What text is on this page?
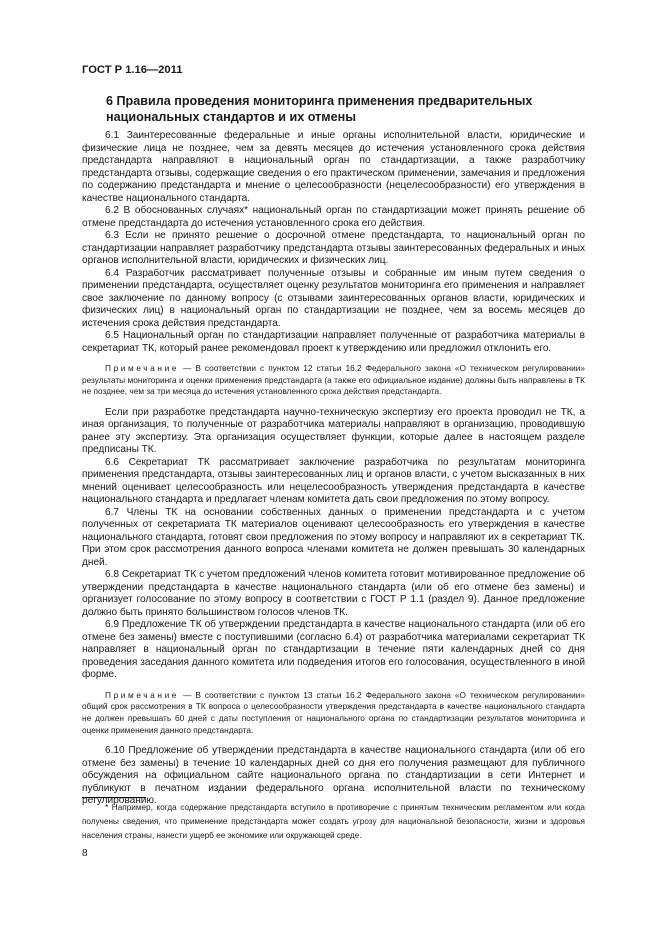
ГОСТ Р 1.16—2011
6 Правила проведения мониторинга применения предварительных национальных стандартов и их отмены

6.1 Заинтересованные федеральные и иные органы исполнительной власти, юридические и физические лица не позднее, чем за девять месяцев до истечения установленного срока действия предстандарта направляют в национальный орган по стандартизации, а также разработчику предстандарта отзывы, содержащие сведения о его практическом применении, замечания и предложения по содержанию предстандарта и мнение о целесообразности (нецелесообразности) его утверждения в качестве национального стандарта.

6.2 В обоснованных случаях* национальный орган по стандартизации может принять решение об отмене предстандарта до истечения установленного срока его действия.

6.3 Если не принято решение о досрочной отмене предстандарта, то национальный орган по стандартизации направляет разработчику предстандарта отзывы заинтересованных федеральных и иных органов исполнительной власти, юридических и физических лиц.

6.4 Разработчик рассматривает полученные отзывы и собранные им иным путем сведения о применении предстандарта, осуществляет оценку результатов мониторинга его применения и направляет свое заключение по данному вопросу (с отзывами заинтересованных органов власти, юридических и физических лиц) в национальный орган по стандартизации не позднее, чем за восемь месяцев до истечения срока действия предстандарта.

6.5 Национальный орган по стандартизации направляет полученные от разработчика материалы в секретариат ТК, который ранее рекомендовал проект к утверждению или предложил отклонить его.

Примечание — В соответствии с пунктом 12 статьи 16.2 Федерального закона «О техническом регулировании» результаты мониторинга и оценки применения предстандарта (а также его официальное издание) должны быть направлены в ТК не позднее, чем за три месяца до истечения установленного срока действия предстандарта.

Если при разработке предстандарта научно-техническую экспертизу его проекта проводил не ТК, а иная организация, то полученные от разработчика материалы направляют в организацию, проводившую ранее эту экспертизу. Эта организация осуществляет функции, которые далее в настоящем разделе предписаны ТК.

6.6 Секретариат ТК рассматривает заключение разработчика по результатам мониторинга применения предстандарта, отзывы заинтересованных лиц и органов власти, с учетом высказанных в них мнений оценивает целесообразность или нецелесообразность утверждения предстандарта в качестве национального стандарта и предлагает членам комитета дать свои предложения по этому вопросу.

6.7 Члены ТК на основании собственных данных о применении предстандарта и с учетом полученных от секретариата ТК материалов оценивают целесообразность его утверждения в качестве национального стандарта, готовят свои предложения по этому вопросу и направляют их в секретариат ТК. При этом срок рассмотрения данного вопроса членами комитета не должен превышать 30 календарных дней.

6.8 Секретариат ТК с учетом предложений членов комитета готовит мотивированное предложение об утверждении предстандарта в качестве национального стандарта (или об его отмене без замены) и организует голосование по этому вопросу в соответствии с ГОСТ Р 1.1 (раздел 9). Данное предложение должно быть принято большинством голосов членов ТК.

6.9 Предложение ТК об утверждении предстандарта в качестве национального стандарта (или об его отмене без замены) вместе с поступившими (согласно 6.4) от разработчика материалами секретариат ТК направляет в национальный орган по стандартизации в течение пяти календарных дней со дня проведения заседания данного комитета или подведения итогов его голосования, осуществленного в иной форме.

Примечание — В соответствии с пунктом 13 статьи 16.2 Федерального закона «О техническом регулировании» общий срок рассмотрения в ТК вопроса о целесообразности утверждения предстандарта в качестве национального стандарта не должен превышать 60 дней с даты поступления от национального органа по стандартизации результатов мониторинга и оценки применения данного предстандарта.

6.10 Предложение об утверждении предстандарта в качестве национального стандарта (или об его отмене без замены) в течение 10 календарных дней со дня его получения размещают для публичного обсуждения на официальном сайте национального органа по стандартизации в сети Интернет и публикуют в печатном издании федерального органа исполнительной власти по техническому регулированию.

* Например, когда содержание предстандарта вступило в противоречие с принятым техническим регламентом или когда получены сведения, что применение предстандарта может создать угрозу для национальной безопасности, жизни и здоровья населения страны, нанести ущерб ее экономике или окружающей среде.

8
